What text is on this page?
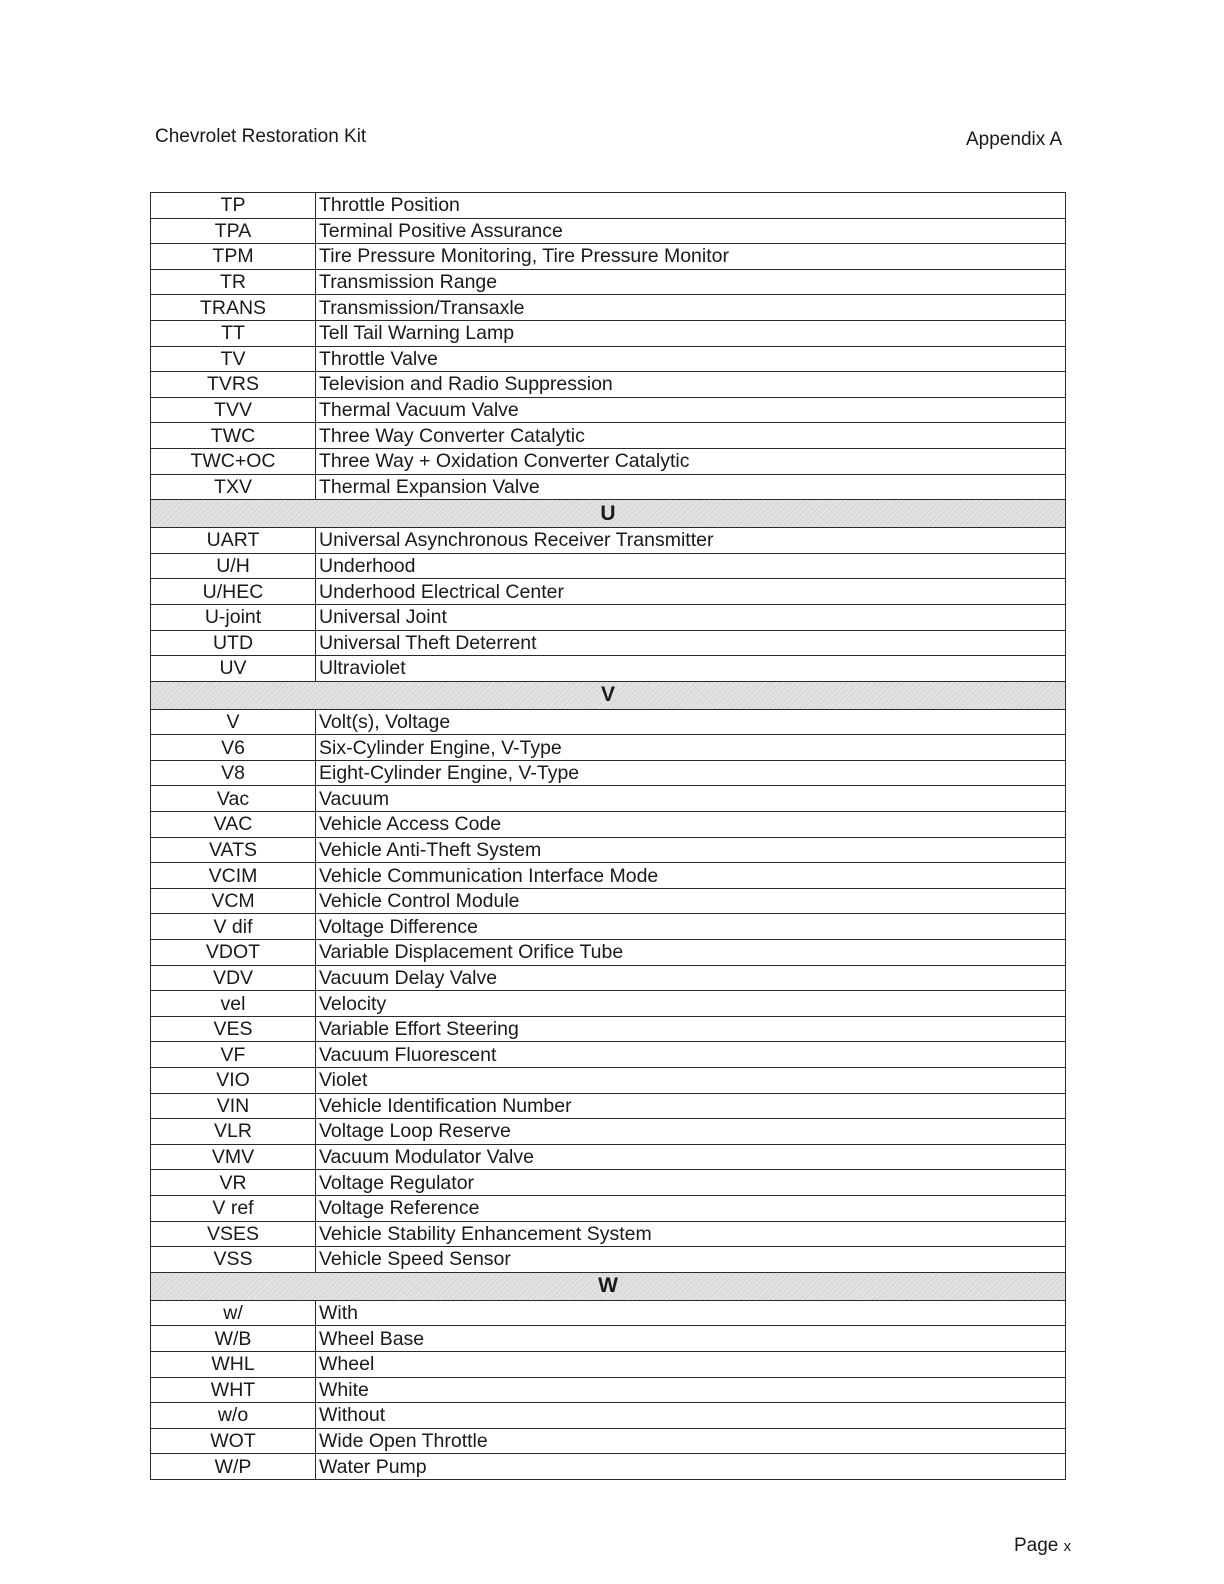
Chevrolet Restoration Kit	Appendix A
TP	Throttle Position
TPA	Terminal Positive Assurance
TPM	Tire Pressure Monitoring, Tire Pressure Monitor
TR	Transmission Range
TRANS	Transmission/Transaxle
TT	Tell Tail Warning Lamp
TV	Throttle Valve
TVRS	Television and Radio Suppression
TVV	Thermal Vacuum Valve
TWC	Three Way Converter Catalytic
TWC+OC	Three Way + Oxidation Converter Catalytic
TXV	Thermal Expansion Valve
U	
UART	Universal Asynchronous Receiver Transmitter
U/H	Underhood
U/HEC	Underhood Electrical Center
U-joint	Universal Joint
UTD	Universal Theft Deterrent
UV	Ultraviolet
V	
V	Volt(s), Voltage
V6	Six-Cylinder Engine, V-Type
V8	Eight-Cylinder Engine, V-Type
Vac	Vacuum
VAC	Vehicle Access Code
VATS	Vehicle Anti-Theft System
VCIM	Vehicle Communication Interface Mode
VCM	Vehicle Control Module
V dif	Voltage Difference
VDOT	Variable Displacement Orifice Tube
VDV	Vacuum Delay Valve
vel	Velocity
VES	Variable Effort Steering
VF	Vacuum Fluorescent
VIO	Violet
VIN	Vehicle Identification Number
VLR	Voltage Loop Reserve
VMV	Vacuum Modulator Valve
VR	Voltage Regulator
V ref	Voltage Reference
VSES	Vehicle Stability Enhancement System
VSS	Vehicle Speed Sensor
W	
w/	With
W/B	Wheel Base
WHL	Wheel
WHT	White
w/o	Without
WOT	Wide Open Throttle
W/P	Water Pump
Page x
